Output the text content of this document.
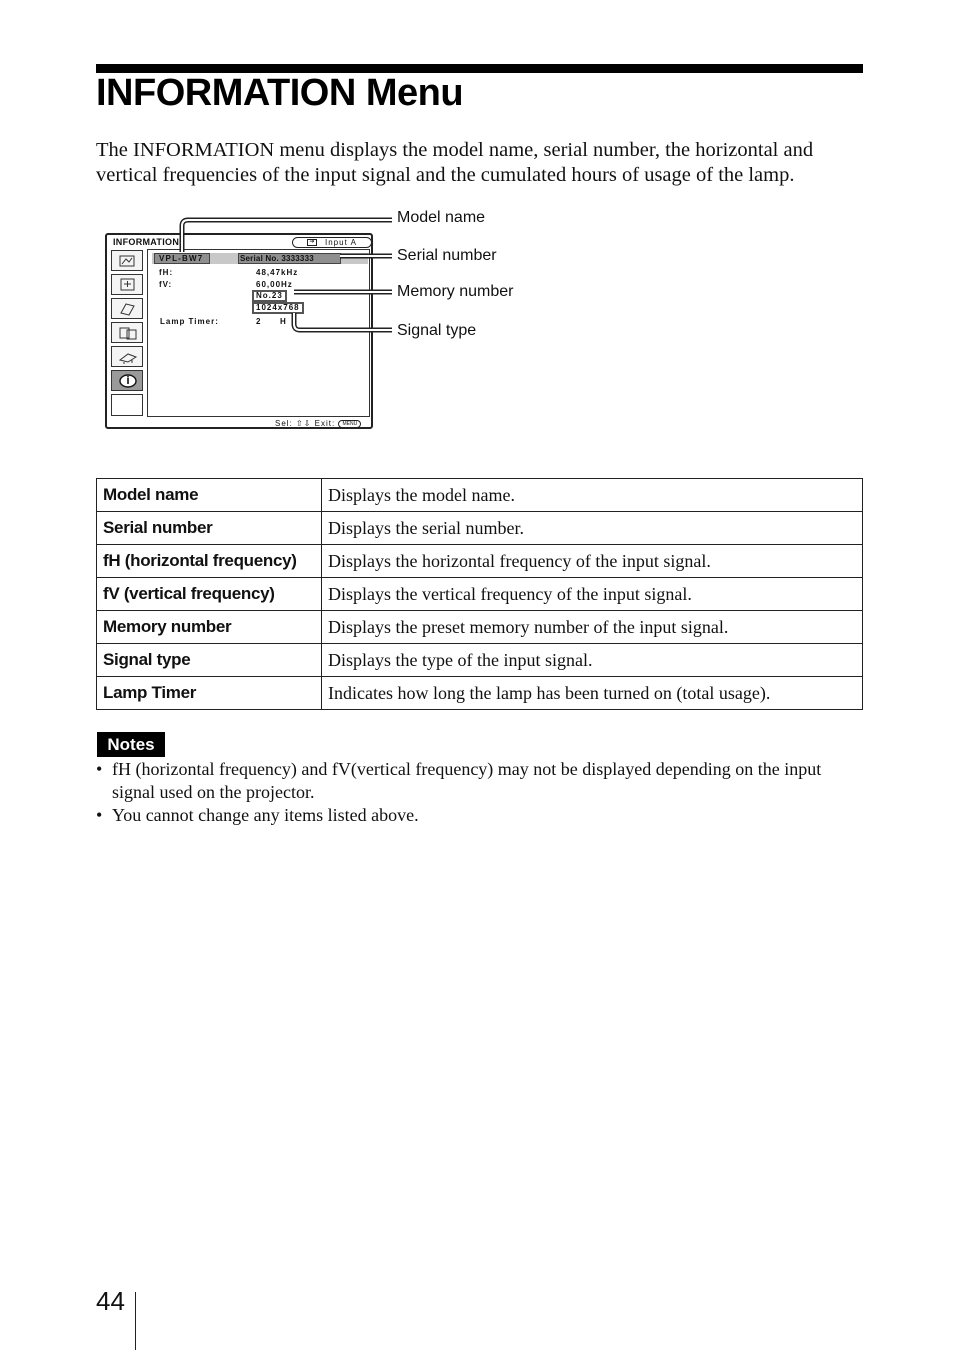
INFORMATION Menu

The INFORMATION menu displays the model name, serial number, the horizontal and vertical frequencies of the input signal and the cumulated hours of usage of the lamp.

INFORMATION	➔	Input A
VPL-BW7	Serial No. 3333333
fH:	48,47kHz
fV:	60,00Hz
No.23
1024x768
Lamp Timer:	2 H
Sel: ⇧⇩ Exit: MENU
Model name
Serial number
Memory number
Signal type
Model name	Displays the model name.
Serial number	Displays the serial number.
fH (horizontal frequency)	Displays the horizontal frequency of the input signal.
fV (vertical frequency)	Displays the vertical frequency of the input signal.
Memory number	Displays the preset memory number of the input signal.
Signal type	Displays the type of the input signal.
Lamp Timer	Indicates how long the lamp has been turned on (total usage).
Notes
• fH (horizontal frequency) and fV(vertical frequency) may not be displayed depending on the input signal used on the projector.
• You cannot change any items listed above.
44
